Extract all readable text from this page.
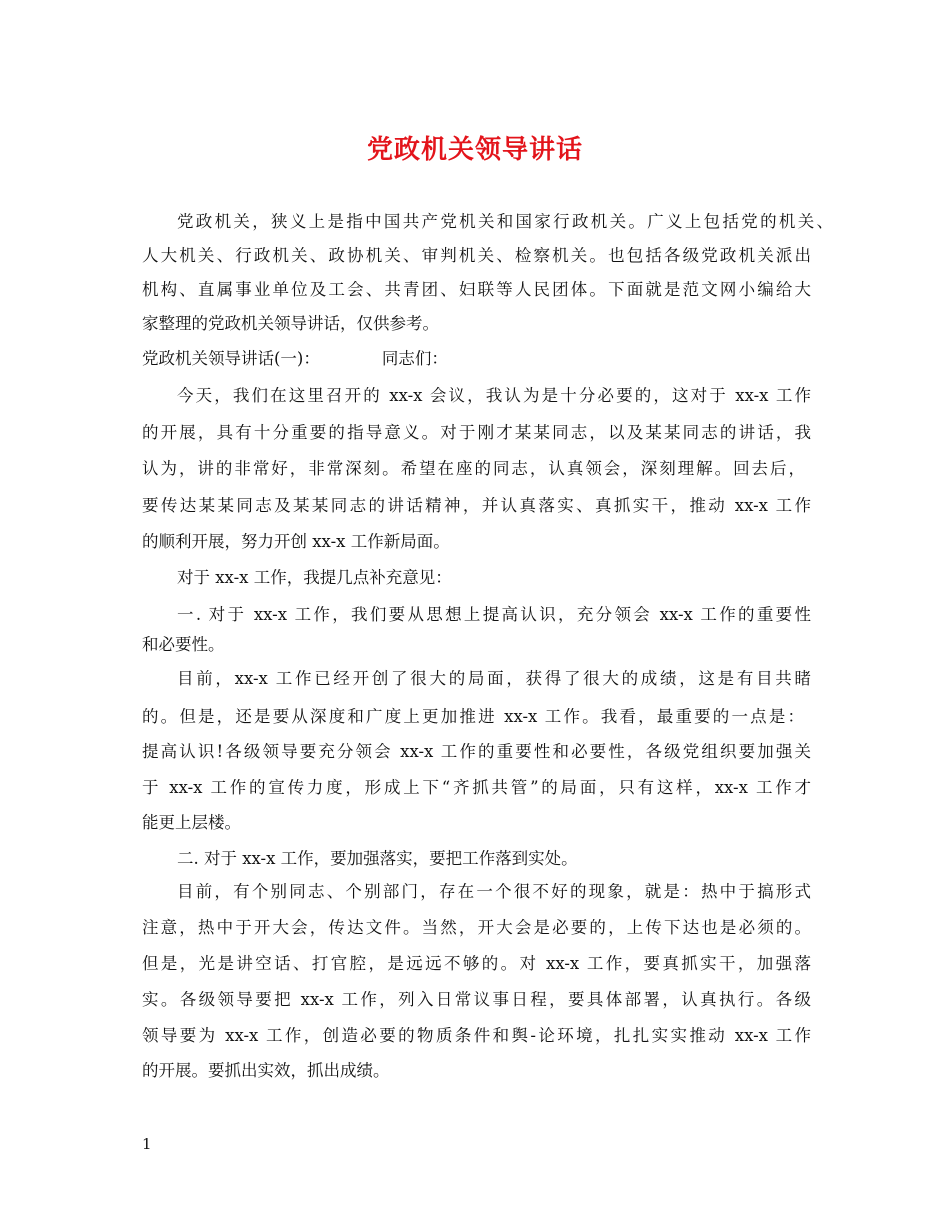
党政机关领导讲话
党政机关，狭义上是指中国共产党机关和国家行政机关。广义上包括党的机关、
人大机关、行政机关、政协机关、审判机关、检察机关。也包括各级党政机关派出
机构、直属事业单位及工会、共青团、妇联等人民团体。下面就是范文网小编给大
家整理的党政机关领导讲话，仅供参考。
党政机关领导讲话(一)：	同志们：
今天，我们在这里召开的 xx-x 会议，我认为是十分必要的，这对于 xx-x 工作
的开展，具有十分重要的指导意义。对于刚才某某同志，以及某某同志的讲话，我
认为，讲的非常好，非常深刻。希望在座的同志，认真领会，深刻理解。回去后，
要传达某某同志及某某同志的讲话精神，并认真落实、真抓实干，推动 xx-x 工作
的顺利开展，努力开创 xx-x 工作新局面。
对于 xx-x 工作，我提几点补充意见：
一. 对于 xx-x 工作，我们要从思想上提高认识，充分领会 xx-x 工作的重要性
和必要性。
目前，xx-x 工作已经开创了很大的局面，获得了很大的成绩，这是有目共睹
的。但是，还是要从深度和广度上更加推进 xx-x 工作。我看，最重要的一点是：
提高认识!各级领导要充分领会 xx-x 工作的重要性和必要性，各级党组织要加强关
于 xx-x 工作的宣传力度，形成上下“齐抓共管”的局面，只有这样，xx-x 工作才
能更上层楼。
二. 对于 xx-x 工作，要加强落实，要把工作落到实处。
目前，有个别同志、个别部门，存在一个很不好的现象，就是：热中于搞形式
注意，热中于开大会，传达文件。当然，开大会是必要的，上传下达也是必须的。
但是，光是讲空话、打官腔，是远远不够的。对 xx-x 工作，要真抓实干，加强落
实。各级领导要把 xx-x 工作，列入日常议事日程，要具体部署，认真执行。各级
领导要为 xx-x 工作，创造必要的物质条件和舆-论环境，扎扎实实推动 xx-x 工作
的开展。要抓出实效，抓出成绩。
1
